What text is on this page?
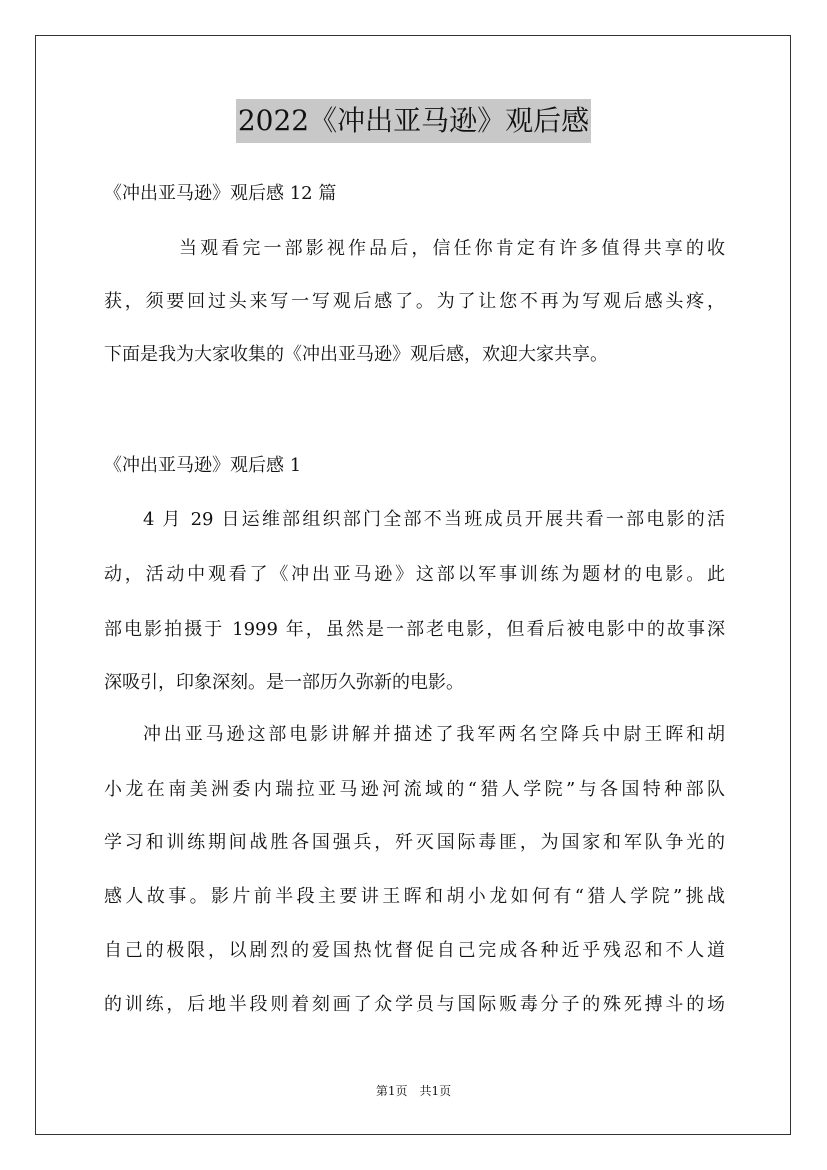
2022《冲出亚马逊》观后感
《冲出亚马逊》观后感 12 篇
当观看完一部影视作品后，信任你肯定有许多值得共享的收
获，须要回过头来写一写观后感了。为了让您不再为写观后感头疼，
下面是我为大家收集的《冲出亚马逊》观后感，欢迎大家共享。
《冲出亚马逊》观后感 1
4 月 29 日运维部组织部门全部不当班成员开展共看一部电影的活
动，活动中观看了《冲出亚马逊》这部以军事训练为题材的电影。此
部电影拍摄于 1999 年，虽然是一部老电影，但看后被电影中的故事深
深吸引，印象深刻。是一部历久弥新的电影。
冲出亚马逊这部电影讲解并描述了我军两名空降兵中尉王晖和胡
小龙在南美洲委内瑞拉亚马逊河流域的“猎人学院”与各国特种部队
学习和训练期间战胜各国强兵，歼灭国际毒匪，为国家和军队争光的
感人故事。影片前半段主要讲王晖和胡小龙如何有“猎人学院”挑战
自己的极限，以剧烈的爱国热忱督促自己完成各种近乎残忍和不人道
的训练，后地半段则着刻画了众学员与国际贩毒分子的殊死搏斗的场
第1页　共1页
